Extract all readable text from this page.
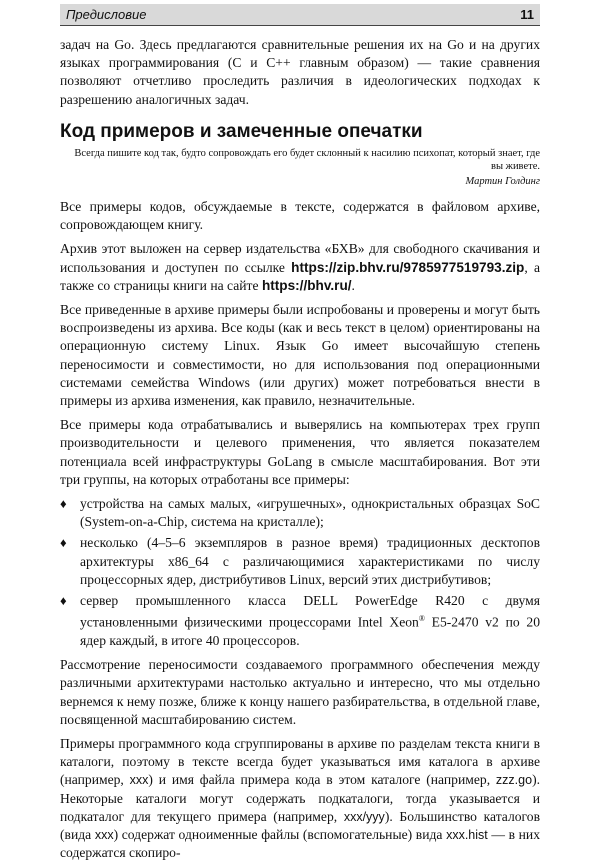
Предисловие	11

задач на Go. Здесь предлагаются сравнительные решения их на Go и на других языках программирования (C и C++ главным образом) — такие сравнения позволяют отчетливо проследить различия в идеологических подходах к разрешению аналогичных задач.

Код примеров и замеченные опечатки
Всегда пишите код так, будто сопровождать его будет склонный к насилию психопат, который знает, где вы живете.
Мартин Голдинг

Все примеры кодов, обсуждаемые в тексте, содержатся в файловом архиве, сопровождающем книгу.

Архив этот выложен на сервер издательства «БХВ» для свободного скачивания и использования и доступен по ссылке https://zip.bhv.ru/9785977519793.zip, а также со страницы книги на сайте https://bhv.ru/.

Все приведенные в архиве примеры были испробованы и проверены и могут быть воспроизведены из архива. Все коды (как и весь текст в целом) ориентированы на операционную систему Linux. Язык Go имеет высочайшую степень переносимости и совместимости, но для использования под операционными системами семейства Windows (или других) может потребоваться внести в примеры из архива изменения, как правило, незначительные.

Все примеры кода отрабатывались и выверялись на компьютерах трех групп производительности и целевого применения, что является показателем потенциала всей инфраструктуры GoLang в смысле масштабирования. Вот эти три группы, на которых отработаны все примеры:

♦ устройства на самых малых, «игрушечных», однокристальных образцах SoC (System-on-a-Chip, система на кристалле);
♦ несколько (4–5–6 экземпляров в разное время) традиционных десктопов архитектуры x86_64 с различающимися характеристиками по числу процессорных ядер, дистрибутивов Linux, версий этих дистрибутивов;
♦ сервер промышленного класса DELL PowerEdge R420 с двумя установленными физическими процессорами Intel Xeon® E5-2470 v2 по 20 ядер каждый, в итоге 40 процессоров.

Рассмотрение переносимости создаваемого программного обеспечения между различными архитектурами настолько актуально и интересно, что мы отдельно вернемся к нему позже, ближе к концу нашего разбирательства, в отдельной главе, посвященной масштабированию систем.

Примеры программного кода сгруппированы в архиве по разделам текста книги в каталоги, поэтому в тексте всегда будет указываться имя каталога в архиве (например, xxx) и имя файла примера кода в этом каталоге (например, zzz.go). Некоторые каталоги могут содержать подкаталоги, тогда указывается и подкаталог для текущего примера (например, xxx/yyy). Большинство каталогов (вида xxx) содержат одноименные файлы (вспомогательные) вида xxx.hist — в них содержатся скопиро-
